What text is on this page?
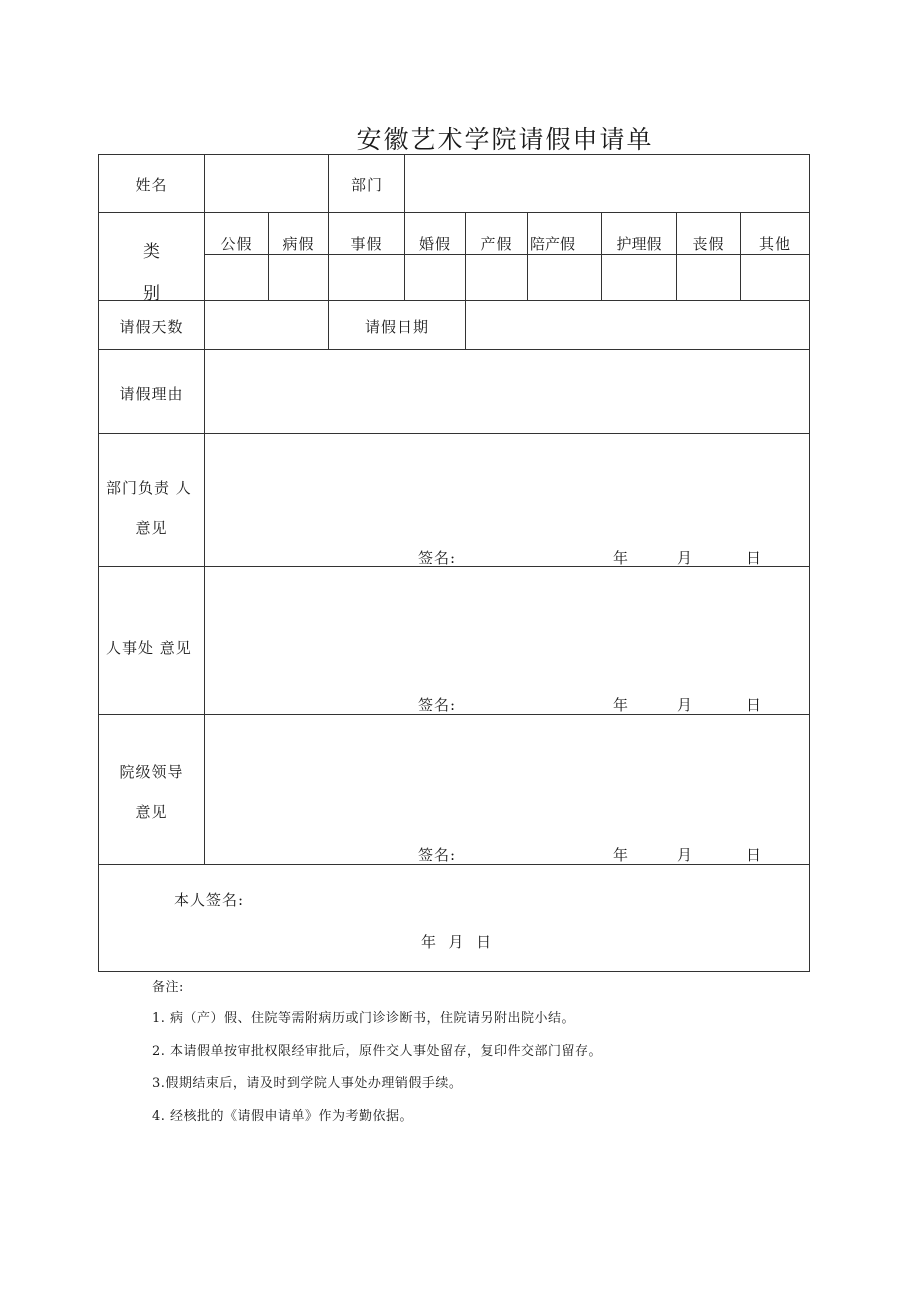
安徽艺术学院请假申请单
姓名	部门
类
别
公假	病假	事假	婚假	产假	陪产假	护理假	丧假	其他
请假天数	请假日期
请假理由
部门负责 人
意见
签名:	年	月	日
人事处 意见
签名:	年	月	日
院级领导
意见
签名:	年	月	日
本人签名:
年  月  日
备注:
1. 病（产）假、住院等需附病历或门诊诊断书，住院请另附出院小结。
2. 本请假单按审批权限经审批后，原件交人事处留存，复印件交部门留存。
3.假期结束后，请及时到学院人事处办理销假手续。
4. 经核批的《请假申请单》作为考勤依据。
